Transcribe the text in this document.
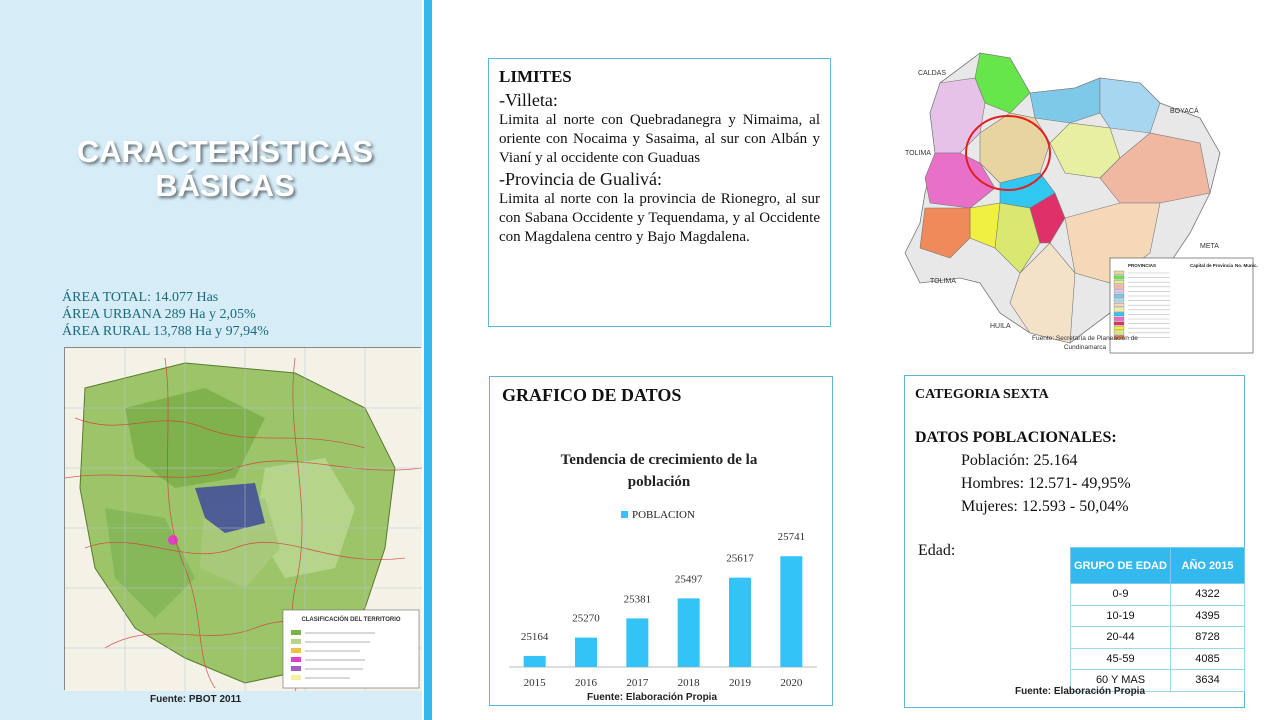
CARACTERÍSTICAS
BÁSICAS
ÁREA TOTAL: 14.077 Has
ÁREA URBANA 289 Ha y 2,05%
ÁREA RURAL 13,788 Ha y 97,94%
CLASIFICACIÓN DEL TERRITORIO
Fuente: PBOT 2011
LIMITES
-Villeta:
Limita al norte con Quebradanegra y Nimaima, al oriente con Nocaima y Sasaima, al sur con Albán y Vianí y al occidente con Guaduas
-Provincia de Gualivá:
Limita al norte con la provincia de Rionegro, al sur con Sabana Occidente y Tequendama, y al Occidente con Magdalena centro y Bajo Magdalena.
CALDAS
BOYACÁ
TOLIMA
META
TOLIMA
HUILA
PROVINCIAS	Capital de Provincia No. Munic.
Fuente: Secretaría de Planeación de
Cundinamarca
GRAFICO DE DATOS
Tendencia de crecimiento de la
población
POBLACION
25164
2015
25270
2016
25381
2017
25497
2018
25617
2019
25741
2020
Fuente: Elaboración Propia
CATEGORIA SEXTA
DATOS POBLACIONALES:
Población: 25.164
Hombres: 12.571- 49,95%
Mujeres: 12.593 - 50,04%
Edad:
GRUPO DE EDAD	AÑO 2015
0-9	4322
10-19	4395
20-44	8728
45-59	4085
60 Y MAS	3634
Fuente: Elaboración Propia
